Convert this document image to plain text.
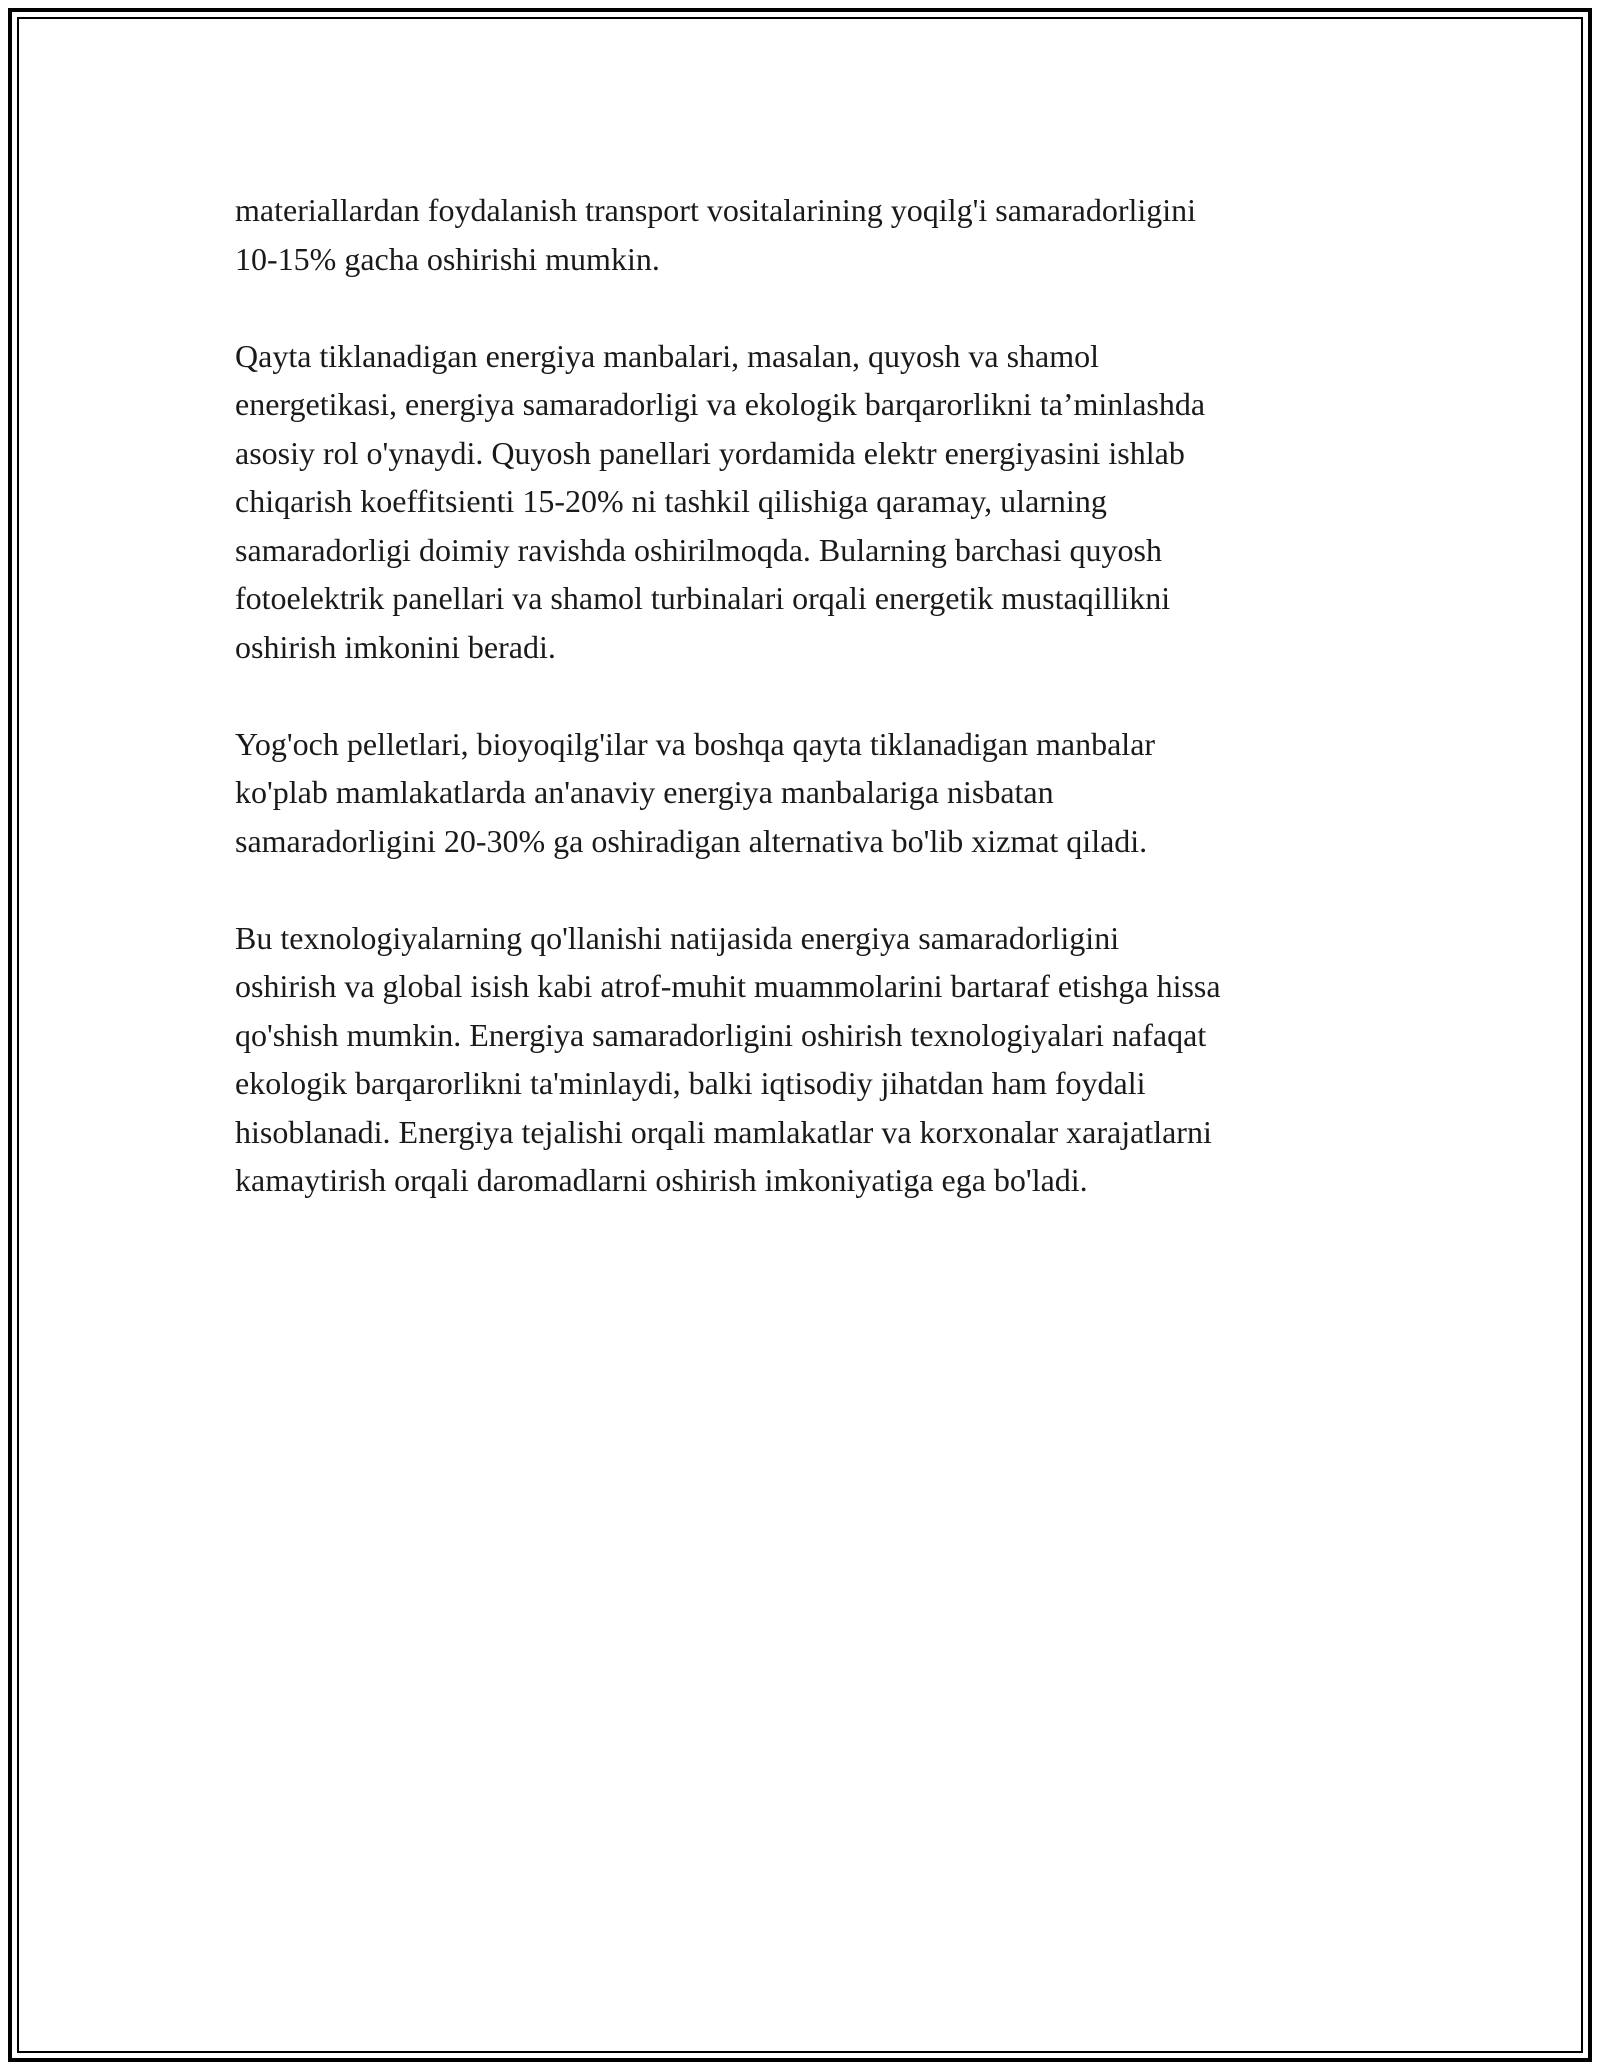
materiallardan foydalanish transport vositalarining yoqilg'i samaradorligini
10-15% gacha oshirishi mumkin.

Qayta tiklanadigan energiya manbalari, masalan, quyosh va shamol
energetikasi, energiya samaradorligi va ekologik barqarorlikni ta’minlashda
asosiy rol o'ynaydi. Quyosh panellari yordamida elektr energiyasini ishlab
chiqarish koeffitsienti 15-20% ni tashkil qilishiga qaramay, ularning
samaradorligi doimiy ravishda oshirilmoqda. Bularning barchasi quyosh
fotoelektrik panellari va shamol turbinalari orqali energetik mustaqillikni
oshirish imkonini beradi.

Yog'och pelletlari, bioyoqilg'ilar va boshqa qayta tiklanadigan manbalar
ko'plab mamlakatlarda an'anaviy energiya manbalariga nisbatan
samaradorligini 20-30% ga oshiradigan alternativa bo'lib xizmat qiladi.

Bu texnologiyalarning qo'llanishi natijasida energiya samaradorligini
oshirish va global isish kabi atrof-muhit muammolarini bartaraf etishga hissa
qo'shish mumkin. Energiya samaradorligini oshirish texnologiyalari nafaqat
ekologik barqarorlikni ta'minlaydi, balki iqtisodiy jihatdan ham foydali
hisoblanadi. Energiya tejalishi orqali mamlakatlar va korxonalar xarajatlarni
kamaytirish orqali daromadlarni oshirish imkoniyatiga ega bo'ladi.
